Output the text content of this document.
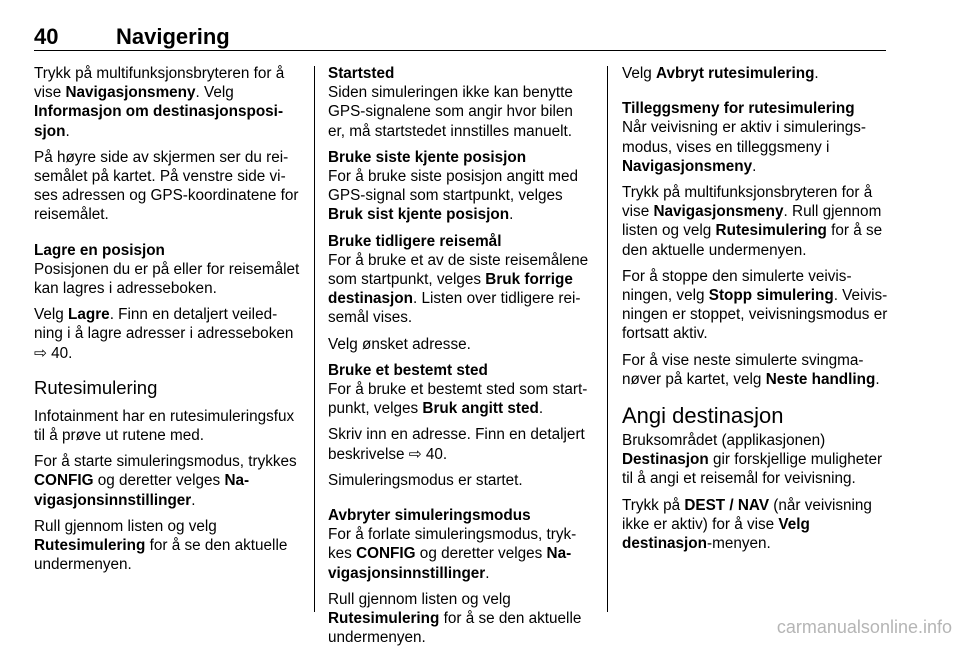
40	Navigering

Trykk på multifunksjonsbryteren for å vise Navigasjonsmeny. Velg Informasjon om destinasjonsposisjon.

På høyre side av skjermen ser du reisemålet på kartet. På venstre side vises adressen og GPS-koordinatene for reisemålet.

Lagre en posisjon

Posisjonen du er på eller for reisemålet kan lagres i adresseboken.

Velg Lagre. Finn en detaljert veiledning i å lagre adresser i adresseboken ⇨ 40.

Rutesimulering

Infotainment har en rutesimuleringsfux til å prøve ut rutene med.

For å starte simuleringsmodus, trykkes CONFIG og deretter velges Navigasjonsinnstillinger.

Rull gjennom listen og velg Rutesimulering for å se den aktuelle undermenyen.

Startsted

Siden simuleringen ikke kan benytte GPS-signalene som angir hvor bilen er, må startstedet innstilles manuelt.

Bruke siste kjente posisjon

For å bruke siste posisjon angitt med GPS-signal som startpunkt, velges Bruk sist kjente posisjon.

Bruke tidligere reisemål

For å bruke et av de siste reisemålene som startpunkt, velges Bruk forrige destinasjon. Listen over tidligere reisemål vises.

Velg ønsket adresse.

Bruke et bestemt sted

For å bruke et bestemt sted som startpunkt, velges Bruk angitt sted.

Skriv inn en adresse. Finn en detaljert beskrivelse ⇨ 40.

Simuleringsmodus er startet.

Avbryter simuleringsmodus

For å forlate simuleringsmodus, trykkes CONFIG og deretter velges Navigasjonsinnstillinger.

Rull gjennom listen og velg Rutesimulering for å se den aktuelle undermenyen.

Velg Avbryt rutesimulering.

Tilleggsmeny for rutesimulering

Når veivisning er aktiv i simuleringsmodus, vises en tilleggsmeny i Navigasjonsmeny.

Trykk på multifunksjonsbryteren for å vise Navigasjonsmeny. Rull gjennom listen og velg Rutesimulering for å se den aktuelle undermenyen.

For å stoppe den simulerte veivisningen, velg Stopp simulering. Veivisningen er stoppet, veivisningsmodus er fortsatt aktiv.

For å vise neste simulerte svingmanøver på kartet, velg Neste handling.

Angi destinasjon

Bruksområdet (applikasjonen)

Destinasjon gir forskjellige muligheter til å angi et reisemål for veivisning.

Trykk på DEST / NAV (når veivisning ikke er aktiv) for å vise Velg destinasjon-menyen.

carmanualsonline.info
